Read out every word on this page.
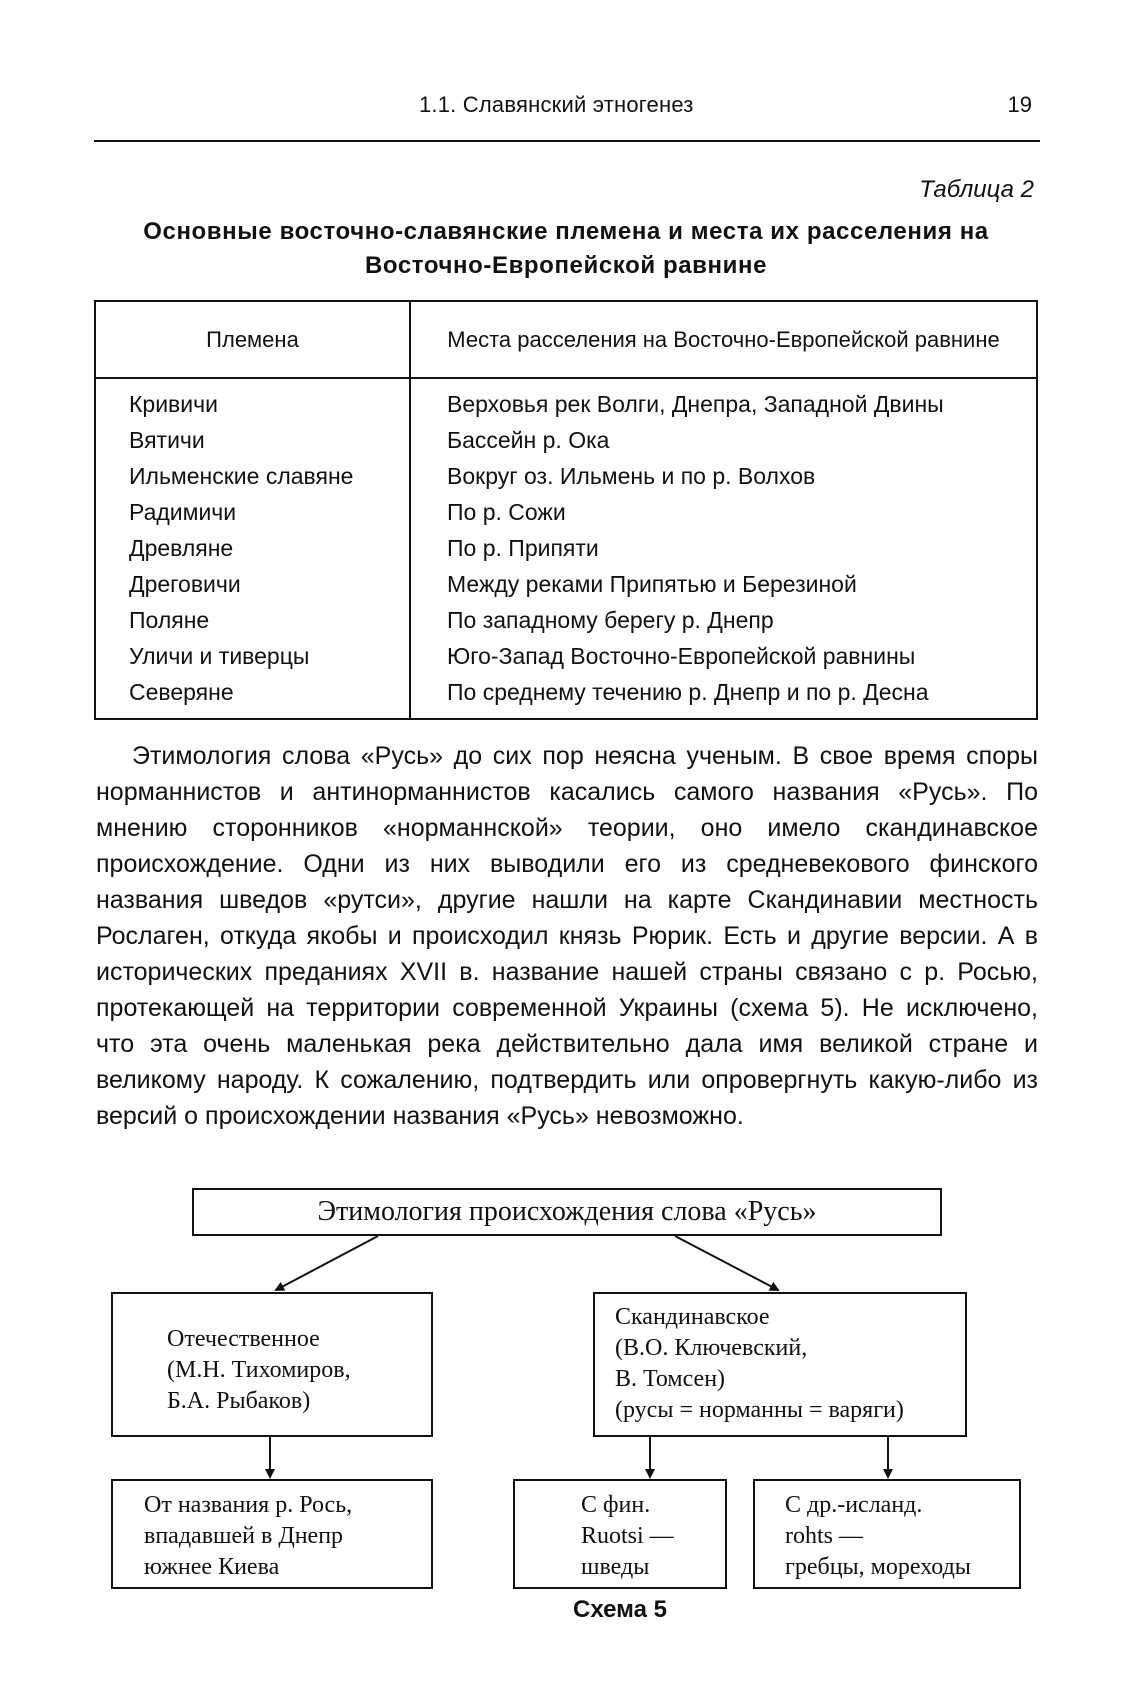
1.1. Славянский этногенез	19
Таблица 2
Основные восточно-славянские племена и места их расселения на Восточно-Европейской равнине
Племена	Места расселения на Восточно-Европейской равнине
Кривичи	Верховья рек Волги, Днепра, Западной Двины
Вятичи	Бассейн р. Ока
Ильменские славяне	Вокруг оз. Ильмень и по р. Волхов
Радимичи	По р. Сожи
Древляне	По р. Припяти
Дреговичи	Между реками Припятью и Березиной
Поляне	По западному берегу р. Днепр
Уличи и тиверцы	Юго-Запад Восточно-Европейской равнины
Северяне	По среднему течению р. Днепр и по р. Десна
Этимология слова «Русь» до сих пор неясна ученым. В свое время споры норманнистов и антинорманнистов касались самого названия «Русь». По мнению сторонников «норманнской» теории, оно имело скандинавское происхождение. Одни из них выводили его из средневекового финского названия шведов «рутси», другие нашли на карте Скандинавии местность Рослаген, откуда якобы и происходил князь Рюрик. Есть и другие версии. А в исторических преданиях XVII в. название нашей страны связано с р. Росью, протекающей на территории современной Украины (схема 5). Не исключено, что эта очень маленькая река действительно дала имя великой стране и великому народу. К сожалению, подтвердить или опровергнуть какую-либо из версий о происхождении названия «Русь» невозможно.
Этимология происхождения слова «Русь»
Отечественное
(М.Н. Тихомиров,
Б.А. Рыбаков)
Скандинавское
(В.О. Ключевский,
В. Томсен)
(русы = норманны = варяги)
От названия р. Рось,
впадавшей в Днепр
южнее Киева
С фин.
Ruotsi —
шведы
С др.-исланд.
rohts —
гребцы, мореходы
Схема 5
